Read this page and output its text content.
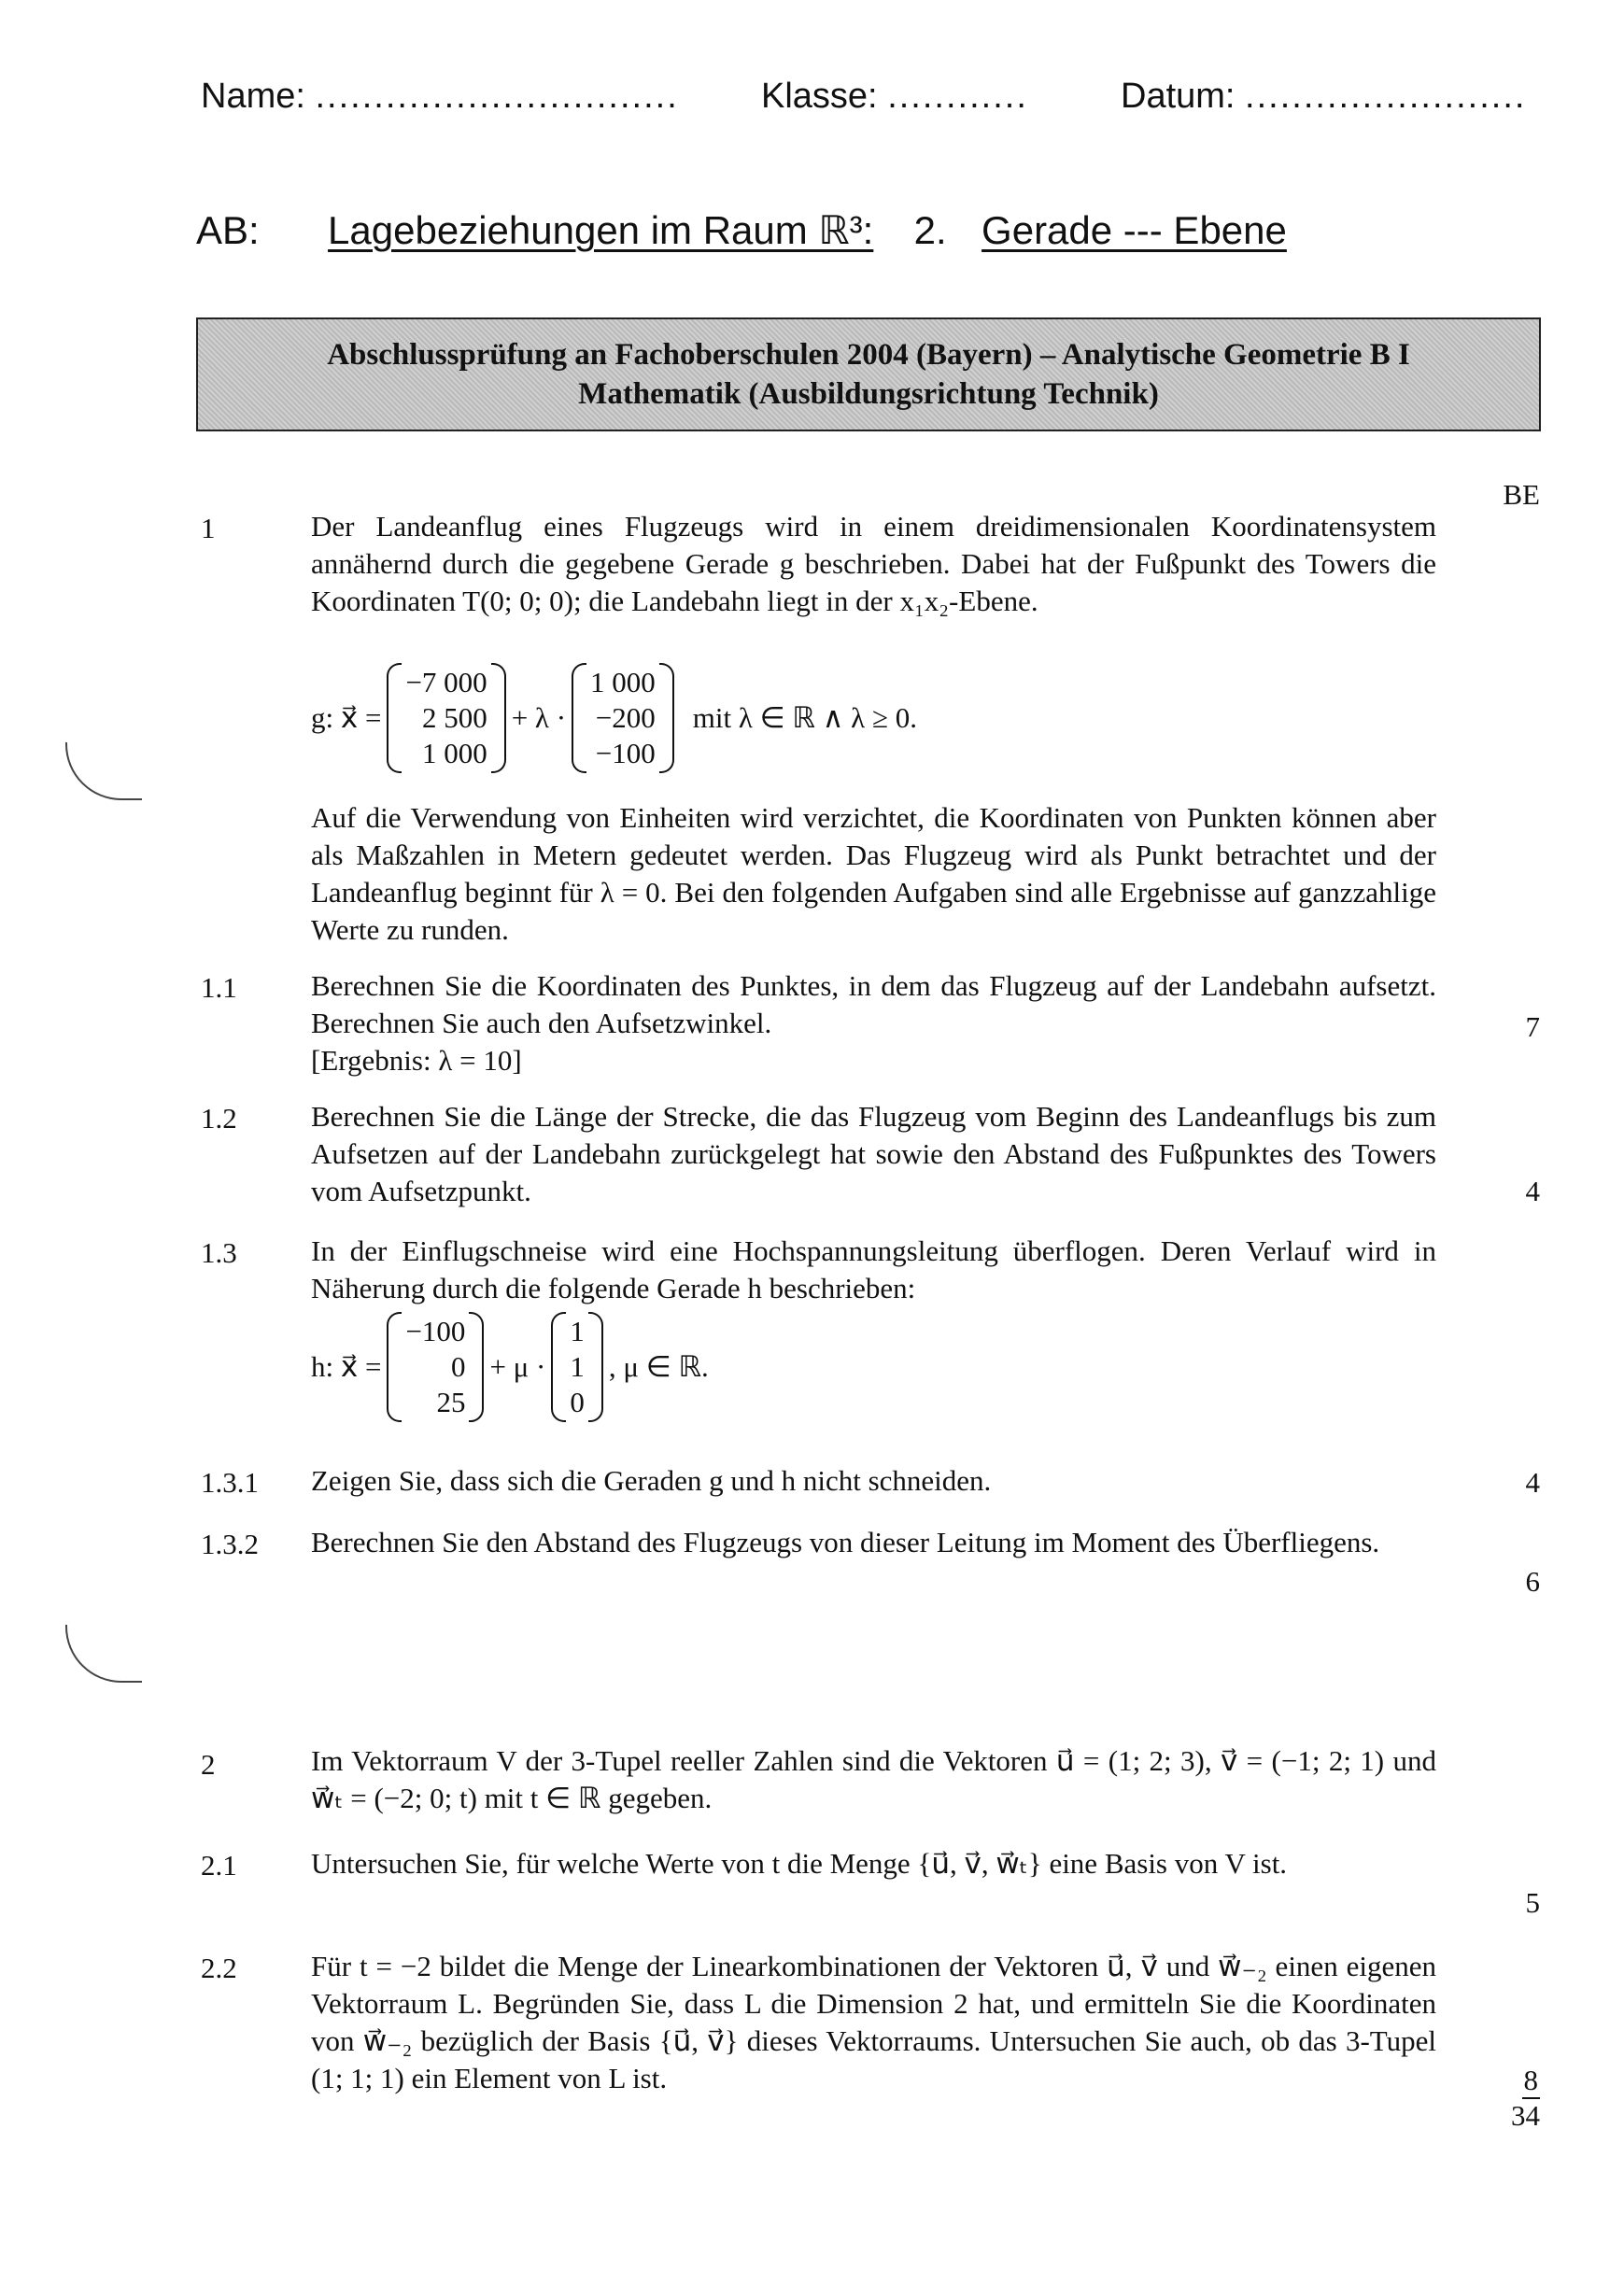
Name: ............................... Klasse: ............	Datum: ........................
AB: Lagebeziehungen im Raum ℝ³: 2. Gerade --- Ebene
Abschlussprüfung an Fachoberschulen 2004 (Bayern) – Analytische Geometrie B I
Mathematik (Ausbildungsrichtung Technik)
BE
1	Der Landeanflug eines Flugzeugs wird in einem dreidimensionalen Koordinatensystem annähernd durch die gegebene Gerade g beschrieben. Dabei hat der Fußpunkt des Towers die Koordinaten T(0; 0; 0); die Landebahn liegt in der x₁x₂-Ebene.
g: x⃗ =
−7 000
2 500
1 000
+ λ ·
1 000
−200
−100
mit λ ∈ ℝ ∧ λ ≥ 0.
Auf die Verwendung von Einheiten wird verzichtet, die Koordinaten von Punkten können aber als Maßzahlen in Metern gedeutet werden. Das Flugzeug wird als Punkt betrachtet und der Landeanflug beginnt für λ = 0. Bei den folgenden Aufgaben sind alle Ergebnisse auf ganzzahlige Werte zu runden.
1.1	Berechnen Sie die Koordinaten des Punktes, in dem das Flugzeug auf der Landebahn aufsetzt. Berechnen Sie auch den Aufsetzwinkel.
[Ergebnis: λ = 10]
7
1.2	Berechnen Sie die Länge der Strecke, die das Flugzeug vom Beginn des Landeanflugs bis zum Aufsetzen auf der Landebahn zurückgelegt hat sowie den Abstand des Fußpunktes des Towers vom Aufsetzpunkt.	4
1.3	In der Einflugschneise wird eine Hochspannungsleitung überflogen. Deren Verlauf wird in Näherung durch die folgende Gerade h beschrieben:
h: x⃗ =
−100
0
25
+ μ ·
1
1
0
, μ ∈ ℝ.
1.3.1 Zeigen Sie, dass sich die Geraden g und h nicht schneiden.	4
1.3.2 Berechnen Sie den Abstand des Flugzeugs von dieser Leitung im Moment des Überfliegens.
6
2	Im Vektorraum V der 3-Tupel reeller Zahlen sind die Vektoren u⃗ = (1; 2; 3), v⃗ = (−1; 2; 1) und w⃗ₜ = (−2; 0; t) mit t ∈ ℝ gegeben.
2.1	Untersuchen Sie, für welche Werte von t die Menge {u⃗, v⃗, w⃗ₜ} eine Basis von V ist.
5
2.2	Für t = −2 bildet die Menge der Linearkombinationen der Vektoren u⃗, v⃗ und w⃗₋₂ einen eigenen Vektorraum L. Begründen Sie, dass L die Dimension 2 hat, und ermitteln Sie die Koordinaten von w⃗₋₂ bezüglich der Basis {u⃗, v⃗} dieses Vektorraums. Untersuchen Sie auch, ob das 3-Tupel (1; 1; 1) ein Element von L ist.	$\frac{8}{34}$
